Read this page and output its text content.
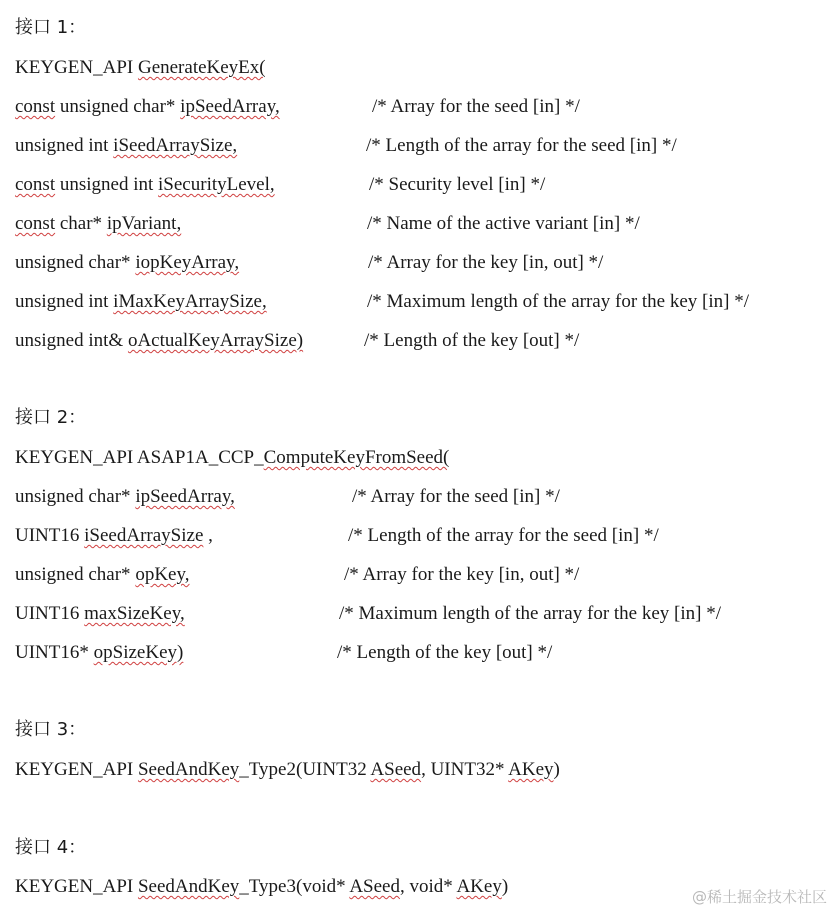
接口 1：
KEYGEN_API GenerateKeyEx(
const unsigned char* ipSeedArray,	/* Array for the seed [in] */
unsigned int iSeedArraySize,	/* Length of the array for the seed [in] */
const unsigned int iSecurityLevel,	/* Security level [in] */
const char* ipVariant,	/* Name of the active variant [in] */
unsigned char* iopKeyArray,	/* Array for the key [in, out] */
unsigned int iMaxKeyArraySize,	/* Maximum length of the array for the key [in] */
unsigned int& oActualKeyArraySize)	/* Length of the key [out] */
接口 2：
KEYGEN_API ASAP1A_CCP_ComputeKeyFromSeed(
unsigned char* ipSeedArray,	/* Array for the seed [in] */
UINT16 iSeedArraySize ,	/* Length of the array for the seed [in] */
unsigned char* opKey,	/* Array for the key [in, out] */
UINT16 maxSizeKey,	/* Maximum length of the array for the key [in] */
UINT16* opSizeKey)	/* Length of the key [out] */
接口 3：
KEYGEN_API SeedAndKey_Type2(UINT32 ASeed, UINT32* AKey)
接口 4：
KEYGEN_API SeedAndKey_Type3(void* ASeed, void* AKey)	@稀土掘金技术社区
